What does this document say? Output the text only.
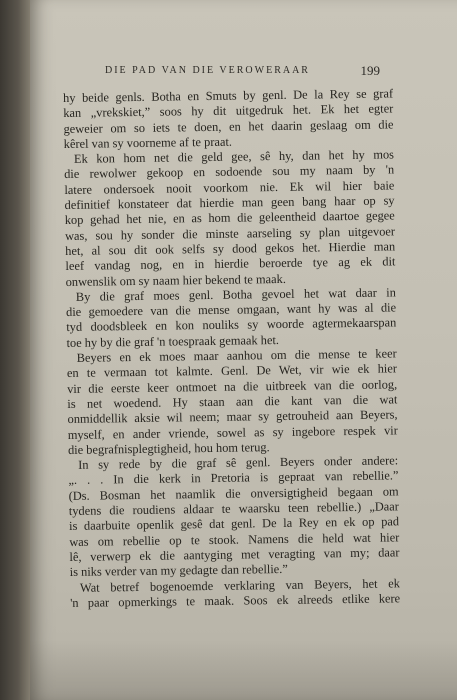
DIE PAD VAN DIE VEROWERAAR	199
hy beide genls. Botha en Smuts by genl. De la Rey se graf
kan „vrekskiet,” soos hy dit uitgedruk het. Ek het egter
geweier om so iets te doen, en het daarin geslaag om die
kêrel van sy voorneme af te praat.
Ek kon hom net die geld gee, sê hy, dan het hy mos
die rewolwer gekoop en sodoende sou my naam by 'n
latere ondersoek nooit voorkom nie. Ek wil hier baie
definitief konstateer dat hierdie man geen bang haar op sy
kop gehad het nie, en as hom die geleentheid daartoe gegee
was, sou hy sonder die minste aarseling sy plan uitgevoer
het, al sou dit ook selfs sy dood gekos het. Hierdie man
leef vandag nog, en in hierdie beroerde tye ag ek dit
onwenslik om sy naam hier bekend te maak.
By die graf moes genl. Botha gevoel het wat daar in
die gemoedere van die mense omgaan, want hy was al die
tyd doodsbleek en kon nouliks sy woorde agtermekaarspan
toe hy by die graf 'n toespraak gemaak het.
Beyers en ek moes maar aanhou om die mense te keer
en te vermaan tot kalmte. Genl. De Wet, vir wie ek hier
vir die eerste keer ontmoet na die uitbreek van die oorlog,
is net woedend. Hy staan aan die kant van die wat
onmiddellik aksie wil neem; maar sy getrouheid aan Beyers,
myself, en ander vriende, sowel as sy ingebore respek vir
die begrafnisplegtigheid, hou hom terug.
In sy rede by die graf sê genl. Beyers onder andere:
„. . . In die kerk in Pretoria is gepraat van rebellie.”
(Ds. Bosman het naamlik die onversigtigheid begaan om
tydens die roudiens aldaar te waarsku teen rebellie.) „Daar
is daarbuite openlik gesê dat genl. De la Rey en ek op pad
was om rebellie op te stook. Namens die held wat hier
lê, verwerp ek die aantyging met veragting van my; daar
is niks verder van my gedagte dan rebellie.”
Wat betref bogenoemde verklaring van Beyers, het ek
'n paar opmerkings te maak. Soos ek alreeds etlike kere
